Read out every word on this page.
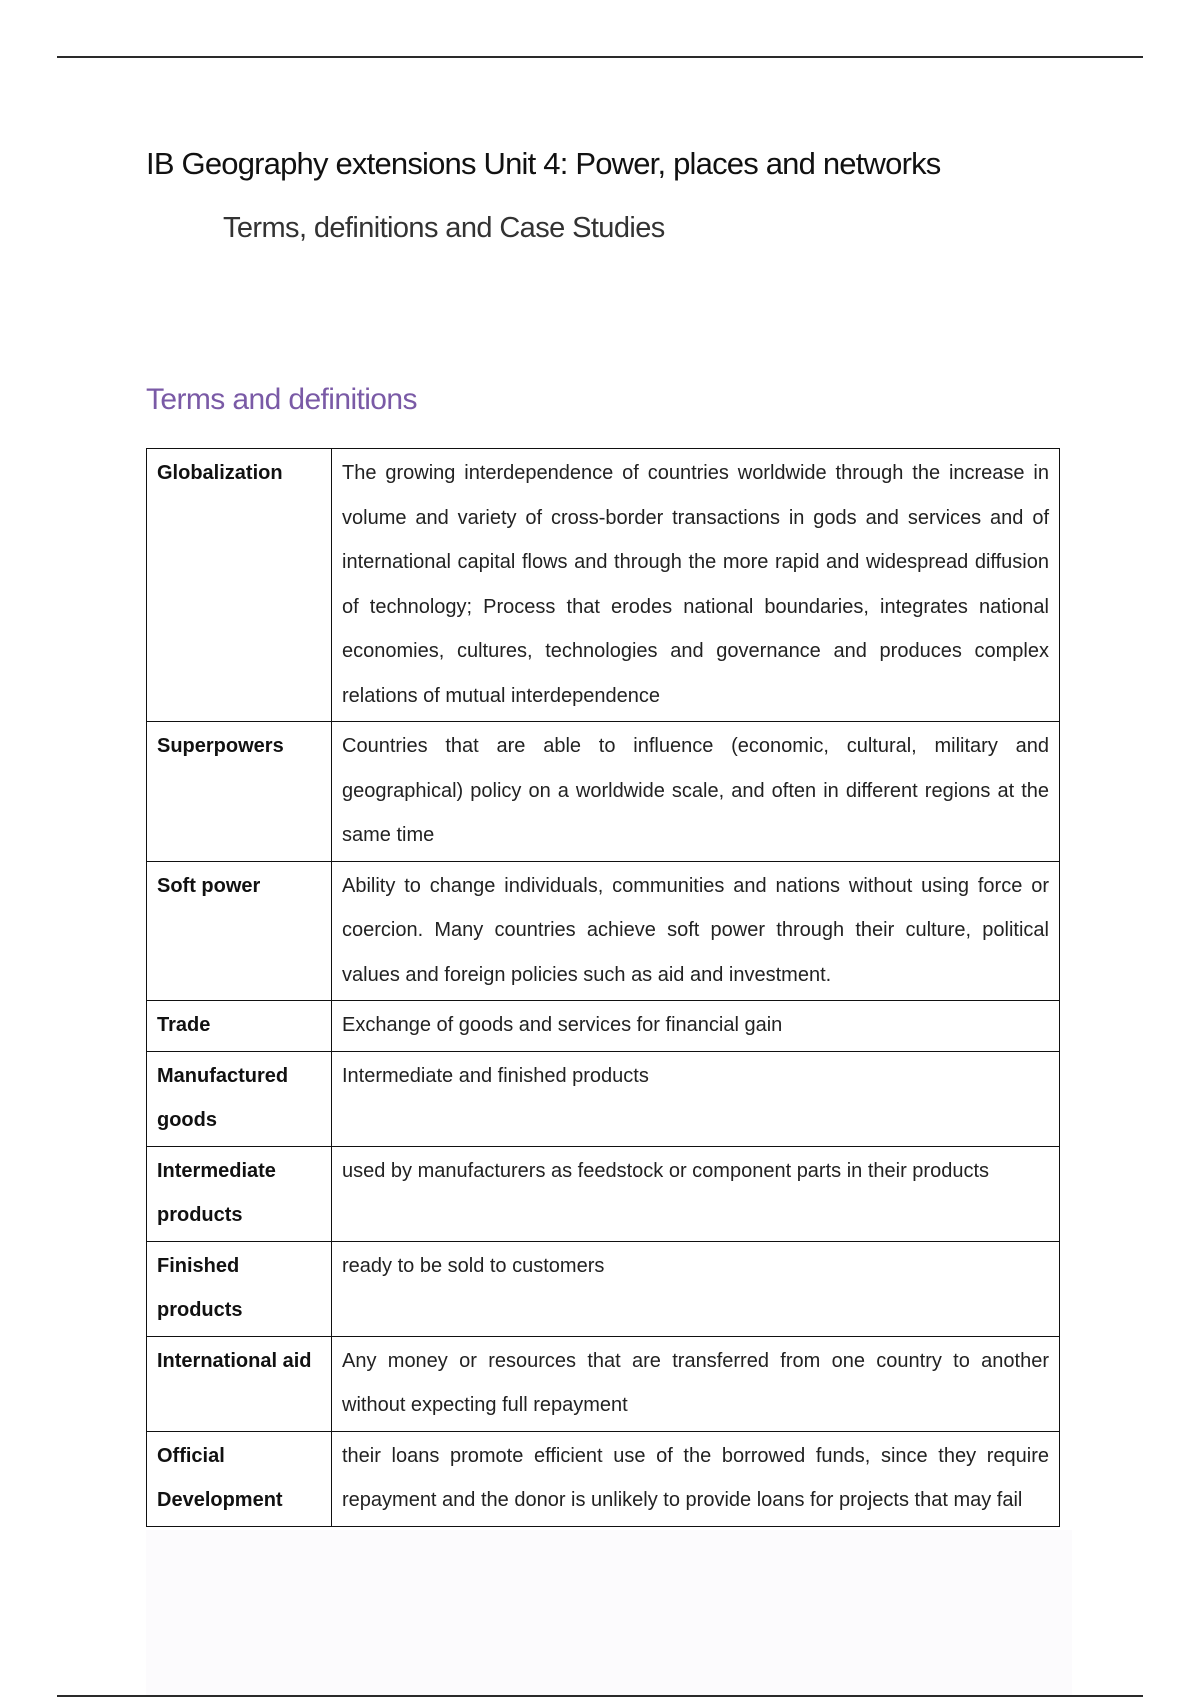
IB Geography extensions Unit 4: Power, places and networks
Terms, definitions and Case Studies
Terms and definitions
Globalization	The growing interdependence of countries worldwide through the increase in volume and variety of cross-border transactions in gods and services and of international capital flows and through the more rapid and widespread diffusion of technology; Process that erodes national boundaries, integrates national economies, cultures, technologies and governance and produces complex relations of mutual interdependence
Superpowers	Countries that are able to influence (economic, cultural, military and geographical) policy on a worldwide scale, and often in different regions at the same time
Soft power	Ability to change individuals, communities and nations without using force or coercion. Many countries achieve soft power through their culture, political values and foreign policies such as aid and investment.
Trade	Exchange of goods and services for financial gain
Manufactured goods	Intermediate and finished products
Intermediate products	used by manufacturers as feedstock or component parts in their products
Finished products	ready to be sold to customers
International aid	Any money or resources that are transferred from one country to another without expecting full repayment
Official Development	their loans promote efficient use of the borrowed funds, since they require repayment and the donor is unlikely to provide loans for projects that may fail
